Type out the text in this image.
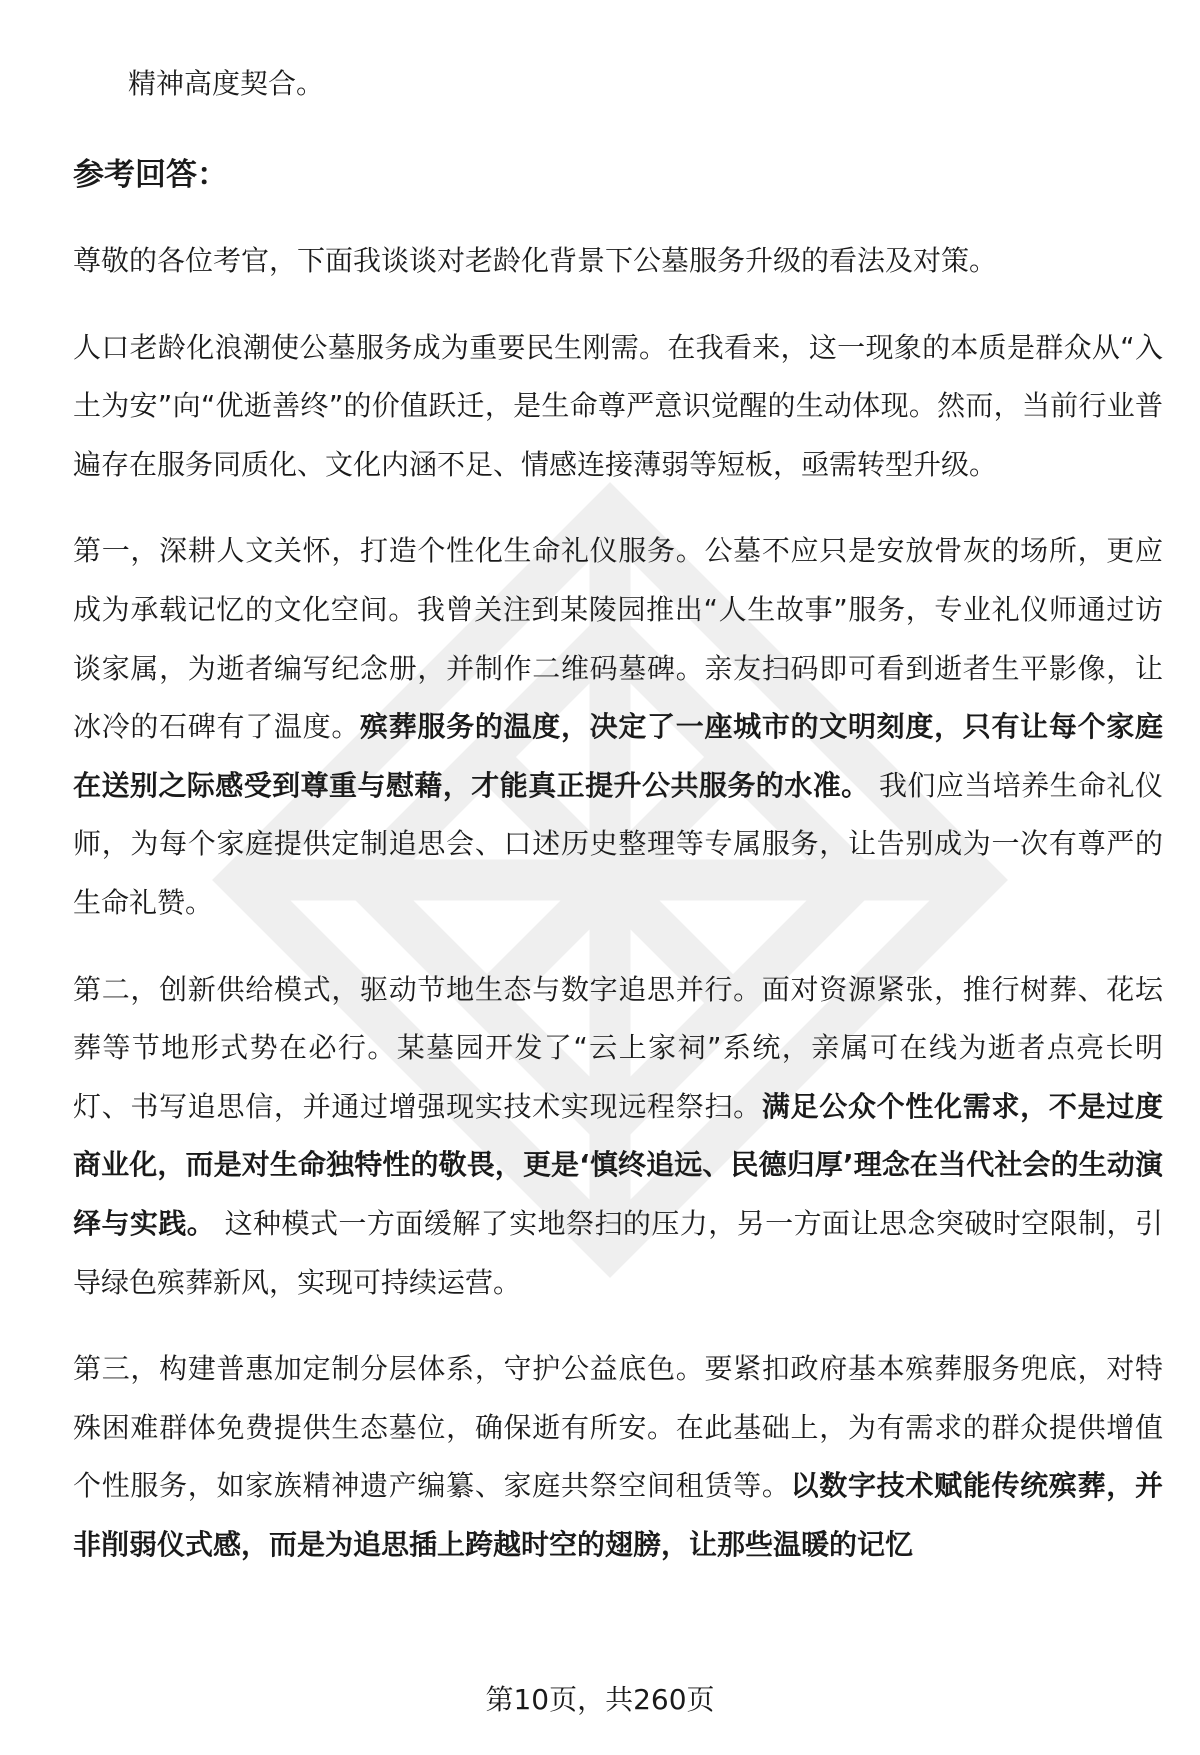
精神高度契合。

参考回答：

尊敬的各位考官，下面我谈谈对老龄化背景下公墓服务升级的看法及对策。

人口老龄化浪潮使公墓服务成为重要民生刚需。在我看来，这一现象的本质是群众从“入土为安”向“优逝善终”的价值跃迁，是生命尊严意识觉醒的生动体现。然而，当前行业普遍存在服务同质化、文化内涵不足、情感连接薄弱等短板，亟需转型升级。

第一，深耕人文关怀，打造个性化生命礼仪服务。公墓不应只是安放骨灰的场所，更应成为承载记忆的文化空间。我曾关注到某陵园推出“人生故事”服务，专业礼仪师通过访谈家属，为逝者编写纪念册，并制作二维码墓碑。亲友扫码即可看到逝者生平影像，让冰冷的石碑有了温度。殡葬服务的温度，决定了一座城市的文明刻度，只有让每个家庭在送别之际感受到尊重与慰藉，才能真正提升公共服务的水准。 我们应当培养生命礼仪师，为每个家庭提供定制追思会、口述历史整理等专属服务，让告别成为一次有尊严的生命礼赞。

第二，创新供给模式，驱动节地生态与数字追思并行。面对资源紧张，推行树葬、花坛葬等节地形式势在必行。某墓园开发了“云上家祠”系统，亲属可在线为逝者点亮长明灯、书写追思信，并通过增强现实技术实现远程祭扫。满足公众个性化需求，不是过度商业化，而是对生命独特性的敬畏，更是‘慎终追远、民德归厚’理念在当代社会的生动演绎与实践。 这种模式一方面缓解了实地祭扫的压力，另一方面让思念突破时空限制，引导绿色殡葬新风，实现可持续运营。

第三，构建普惠加定制分层体系，守护公益底色。要紧扣政府基本殡葬服务兜底，对特殊困难群体免费提供生态墓位，确保逝有所安。在此基础上，为有需求的群众提供增值个性服务，如家族精神遗产编纂、家庭共祭空间租赁等。以数字技术赋能传统殡葬，并非削弱仪式感，而是为追思插上跨越时空的翅膀，让那些温暖的记忆

第10页，共260页
